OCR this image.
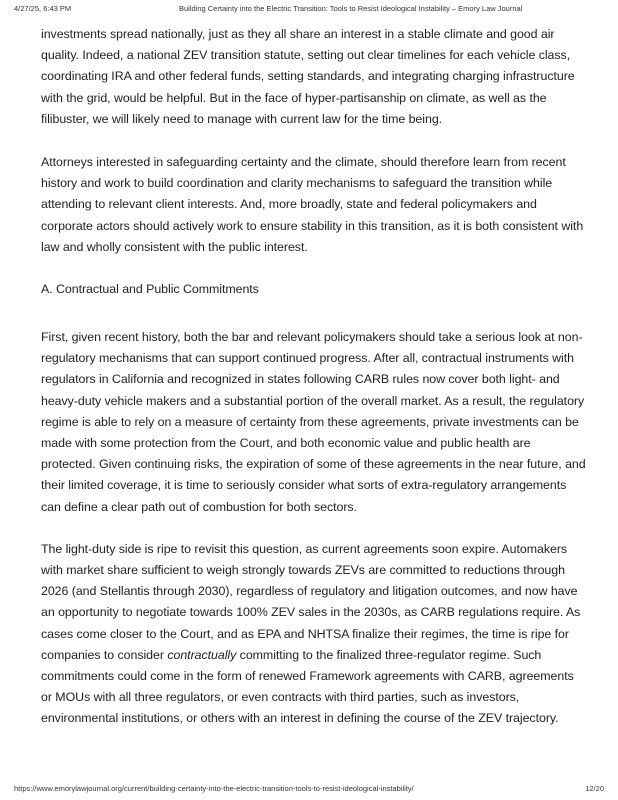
4/27/25, 6:43 PM	Building Certainty into the Electric Transition: Tools to Resist Ideological Instability – Emory Law Journal

investments spread nationally, just as they all share an interest in a stable climate and good air quality. Indeed, a national ZEV transition statute, setting out clear timelines for each vehicle class, coordinating IRA and other federal funds, setting standards, and integrating charging infrastructure with the grid, would be helpful. But in the face of hyper-partisanship on climate, as well as the filibuster, we will likely need to manage with current law for the time being.

Attorneys interested in safeguarding certainty and the climate, should therefore learn from recent history and work to build coordination and clarity mechanisms to safeguard the transition while attending to relevant client interests. And, more broadly, state and federal policymakers and corporate actors should actively work to ensure stability in this transition, as it is both consistent with law and wholly consistent with the public interest.

A. Contractual and Public Commitments

First, given recent history, both the bar and relevant policymakers should take a serious look at non-regulatory mechanisms that can support continued progress. After all, contractual instruments with regulators in California and recognized in states following CARB rules now cover both light- and heavy-duty vehicle makers and a substantial portion of the overall market. As a result, the regulatory regime is able to rely on a measure of certainty from these agreements, private investments can be made with some protection from the Court, and both economic value and public health are protected. Given continuing risks, the expiration of some of these agreements in the near future, and their limited coverage, it is time to seriously consider what sorts of extra-regulatory arrangements can define a clear path out of combustion for both sectors.

The light-duty side is ripe to revisit this question, as current agreements soon expire. Automakers with market share sufficient to weigh strongly towards ZEVs are committed to reductions through 2026 (and Stellantis through 2030), regardless of regulatory and litigation outcomes, and now have an opportunity to negotiate towards 100% ZEV sales in the 2030s, as CARB regulations require. As cases come closer to the Court, and as EPA and NHTSA finalize their regimes, the time is ripe for companies to consider contractually committing to the finalized three-regulator regime. Such commitments could come in the form of renewed Framework agreements with CARB, agreements or MOUs with all three regulators, or even contracts with third parties, such as investors, environmental institutions, or others with an interest in defining the course of the ZEV trajectory.

https://www.emorylawjournal.org/current/building-certainty-into-the-electric-transition-tools-to-resist-ideological-instability/	12/20
